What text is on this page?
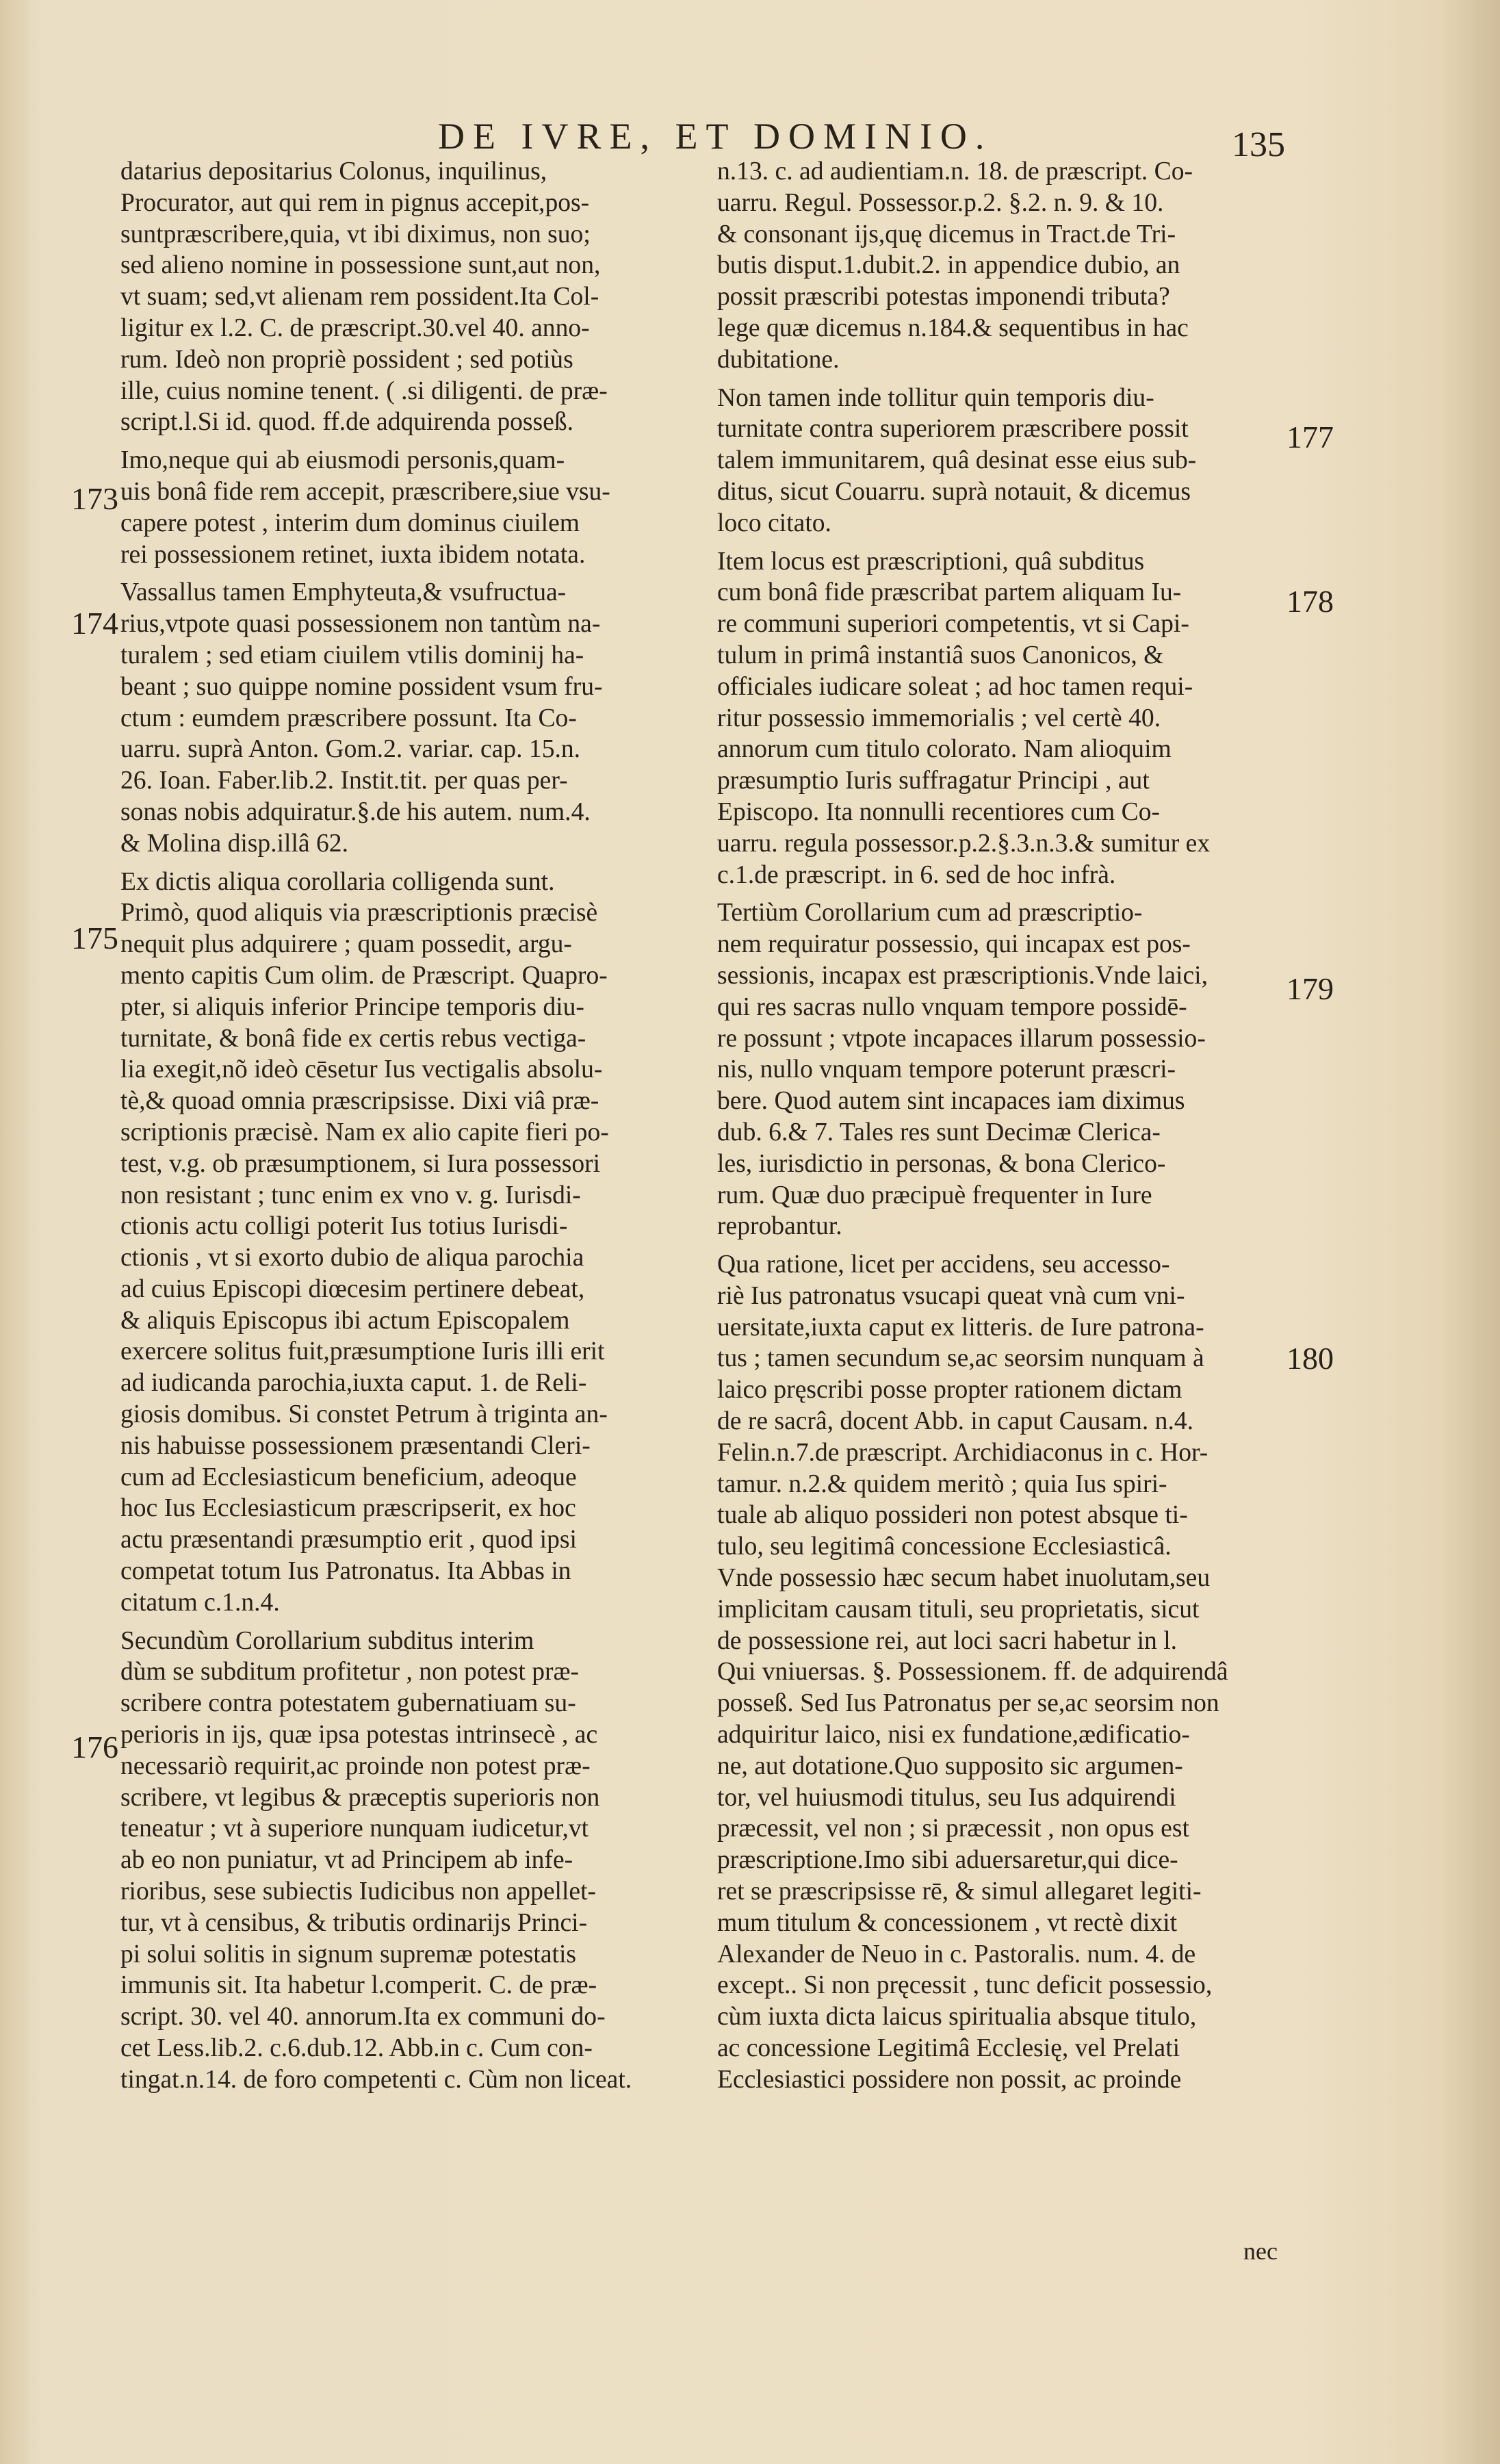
DE IVRE, ET DOMINIO.	135
datarius depositarius Colonus, inquilinus,
Procurator, aut qui rem in pignus accepit,pos-
suntpræscribere,quia, vt ibi diximus, non suo;
sed alieno nomine in possessione sunt,aut non,
vt suam; sed,vt alienam rem possident.Ita Col-
ligitur ex l.2. C. de præscript.30.vel 40. anno-
rum. Ideò non propriè possident ; sed potiùs
ille, cuius nomine tenent. ( .si diligenti. de præ-
script.l.Si id. quod. ff.de adquirenda posseß.
Imo,neque qui ab eiusmodi personis,quam-
uis bonâ fide rem accepit, præscribere,siue vsu-
capere potest , interim dum dominus ciuilem
rei possessionem retinet, iuxta ibidem notata.
Vassallus tamen Emphyteuta,& vsufructua-
rius,vtpote quasi possessionem non tantùm na-
turalem ; sed etiam ciuilem vtilis dominij ha-
beant ; suo quippe nomine possident vsum fru-
ctum : eumdem præscribere possunt. Ita Co-
uarru. suprà Anton. Gom.2. variar. cap. 15.n.
26. Ioan. Faber.lib.2. Instit.tit. per quas per-
sonas nobis adquiratur.§.de his autem. num.4.
& Molina disp.illâ 62.
Ex dictis aliqua corollaria colligenda sunt.
Primò, quod aliquis via præscriptionis præcisè
nequit plus adquirere ; quam possedit, argu-
mento capitis Cum olim. de Præscript. Quapro-
pter, si aliquis inferior Principe temporis diu-
turnitate, & bonâ fide ex certis rebus vectiga-
lia exegit,nõ ideò cēsetur Ius vectigalis absolu-
tè,& quoad omnia præscripsisse. Dixi viâ præ-
scriptionis præcisè. Nam ex alio capite fieri po-
test, v.g. ob præsumptionem, si Iura possessori
non resistant ; tunc enim ex vno v. g. Iurisdi-
ctionis actu colligi poterit Ius totius Iurisdi-
ctionis , vt si exorto dubio de aliqua parochia
ad cuius Episcopi diœcesim pertinere debeat,
& aliquis Episcopus ibi actum Episcopalem
exercere solitus fuit,præsumptione Iuris illi erit
ad iudicanda parochia,iuxta caput. 1. de Reli-
giosis domibus. Si constet Petrum à triginta an-
nis habuisse possessionem præsentandi Cleri-
cum ad Ecclesiasticum beneficium, adeoque
hoc Ius Ecclesiasticum præscripserit, ex hoc
actu præsentandi præsumptio erit , quod ipsi
competat totum Ius Patronatus. Ita Abbas in
citatum c.1.n.4.
Secundùm Corollarium subditus interim
dùm se subditum profitetur , non potest præ-
scribere contra potestatem gubernatiuam su-
perioris in ijs, quæ ipsa potestas intrinsecè , ac
necessariò requirit,ac proinde non potest præ-
scribere, vt legibus & præceptis superioris non
teneatur ; vt à superiore nunquam iudicetur,vt
ab eo non puniatur, vt ad Principem ab infe-
rioribus, sese subiectis Iudicibus non appellet-
tur, vt à censibus, & tributis ordinarijs Princi-
pi solui solitis in signum supremæ potestatis
immunis sit. Ita habetur l.comperit. C. de præ-
script. 30. vel 40. annorum.Ita ex communi do-
cet Less.lib.2. c.6.dub.12. Abb.in c. Cum con-
tingat.n.14. de foro competenti c. Cùm non liceat.
n.13. c. ad audientiam.n. 18. de præscript. Co-
uarru. Regul. Possessor.p.2. §.2. n. 9. & 10.
& consonant ijs,quę dicemus in Tract.de Tri-
butis disput.1.dubit.2. in appendice dubio, an
possit præscribi potestas imponendi tributa?
lege quæ dicemus n.184.& sequentibus in hac
dubitatione.
Non tamen inde tollitur quin temporis diu-
turnitate contra superiorem præscribere possit
talem immunitarem, quâ desinat esse eius sub-
ditus, sicut Couarru. suprà notauit, & dicemus
loco citato.
Item locus est præscriptioni, quâ subditus
cum bonâ fide præscribat partem aliquam Iu-
re communi superiori competentis, vt si Capi-
tulum in primâ instantiâ suos Canonicos, &
officiales iudicare soleat ; ad hoc tamen requi-
ritur possessio immemorialis ; vel certè 40.
annorum cum titulo colorato. Nam alioquim
præsumptio Iuris suffragatur Principi , aut
Episcopo. Ita nonnulli recentiores cum Co-
uarru. regula possessor.p.2.§.3.n.3.& sumitur ex
c.1.de præscript. in 6. sed de hoc infrà.
Tertiùm Corollarium cum ad præscriptio-
nem requiratur possessio, qui incapax est pos-
sessionis, incapax est præscriptionis.Vnde laici,
qui res sacras nullo vnquam tempore possidē-
re possunt ; vtpote incapaces illarum possessio-
nis, nullo vnquam tempore poterunt præscri-
bere. Quod autem sint incapaces iam diximus
dub. 6.& 7. Tales res sunt Decimæ Clerica-
les, iurisdictio in personas, & bona Clerico-
rum. Quæ duo præcipuè frequenter in Iure
reprobantur.
Qua ratione, licet per accidens, seu accesso-
riè Ius patronatus vsucapi queat vnà cum vni-
uersitate,iuxta caput ex litteris. de Iure patrona-
tus ; tamen secundum se,ac seorsim nunquam à
laico pręscribi posse propter rationem dictam
de re sacrâ, docent Abb. in caput Causam. n.4.
Felin.n.7.de præscript. Archidiaconus in c. Hor-
tamur. n.2.& quidem meritò ; quia Ius spiri-
tuale ab aliquo possideri non potest absque ti-
tulo, seu legitimâ concessione Ecclesiasticâ.
Vnde possessio hæc secum habet inuolutam,seu
implicitam causam tituli, seu proprietatis, sicut
de possessione rei, aut loci sacri habetur in l.
Qui vniuersas. §. Possessionem. ff. de adquirendâ
posseß. Sed Ius Patronatus per se,ac seorsim non
adquiritur laico, nisi ex fundatione,ædificatio-
ne, aut dotatione.Quo supposito sic argumen-
tor, vel huiusmodi titulus, seu Ius adquirendi
præcessit, vel non ; si præcessit , non opus est
præscriptione.Imo sibi aduersaretur,qui dice-
ret se præscripsisse rē, & simul allegaret legiti-
mum titulum & concessionem , vt rectè dixit
Alexander de Neuo in c. Pastoralis. num. 4. de
except.. Si non pręcessit , tunc deficit possessio,
cùm iuxta dicta laicus spiritualia absque titulo,
ac concessione Legitimâ Ecclesię, vel Prelati
Ecclesiastici possidere non possit, ac proinde
173
174
175
176
177
178
179
180
nec
